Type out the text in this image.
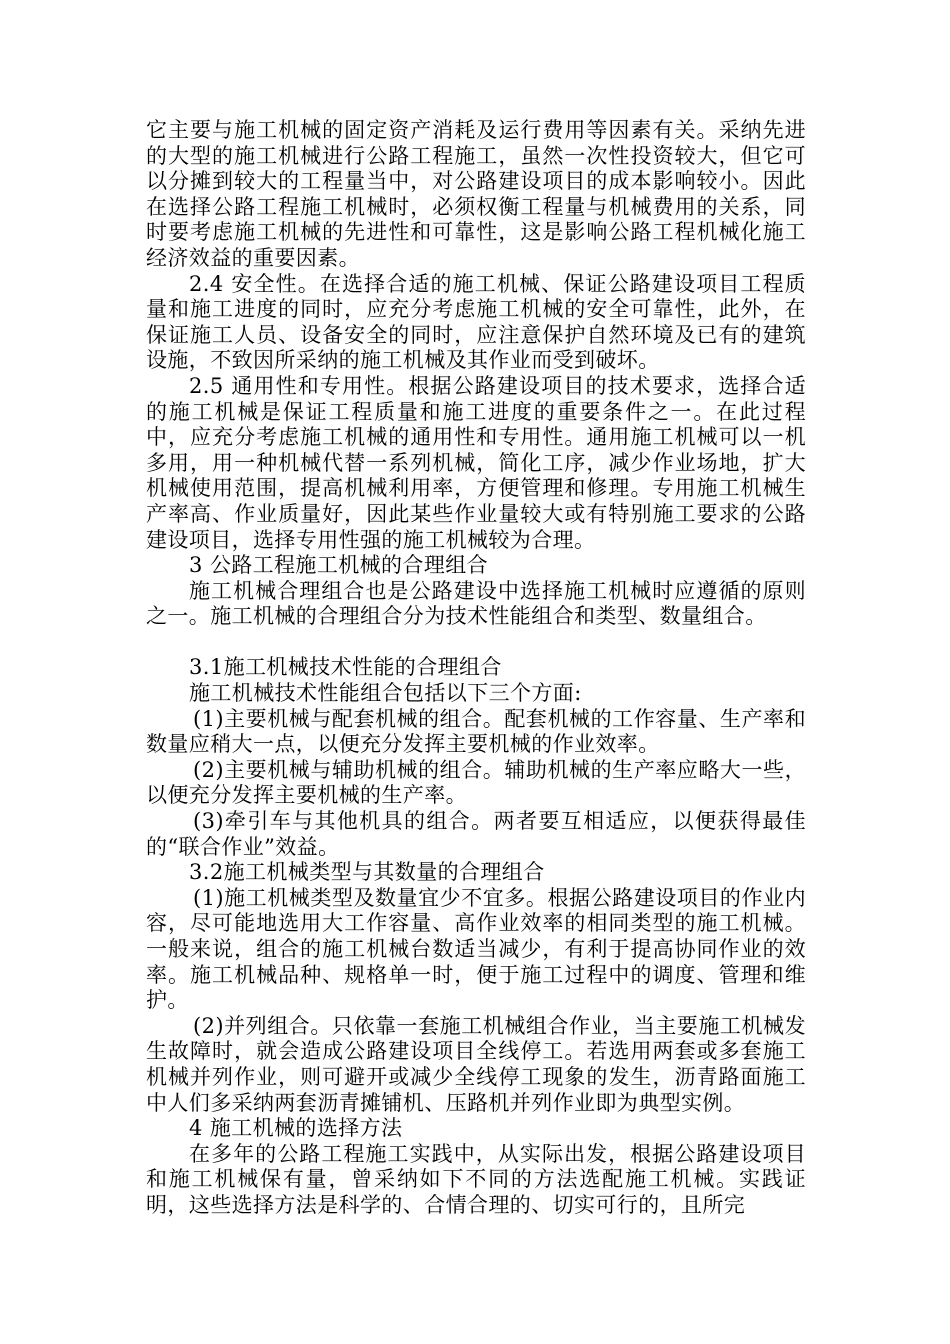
它主要与施工机械的固定资产消耗及运行费用等因素有关。采纳先进的大型的施工机械进行公路工程施工，虽然一次性投资较大，但它可以分摊到较大的工程量当中，对公路建设项目的成本影响较小。因此在选择公路工程施工机械时，必须权衡工程量与机械费用的关系，同时要考虑施工机械的先进性和可靠性，这是影响公路工程机械化施工经济效益的重要因素。

2.4 安全性。在选择合适的施工机械、保证公路建设项目工程质量和施工进度的同时，应充分考虑施工机械的安全可靠性，此外，在保证施工人员、设备安全的同时，应注意保护自然环境及已有的建筑设施，不致因所采纳的施工机械及其作业而受到破坏。

2.5 通用性和专用性。根据公路建设项目的技术要求，选择合适的施工机械是保证工程质量和施工进度的重要条件之一。在此过程中，应充分考虑施工机械的通用性和专用性。通用施工机械可以一机多用，用一种机械代替一系列机械，简化工序，减少作业场地，扩大机械使用范围，提高机械利用率，方便管理和修理。专用施工机械生产率高、作业质量好，因此某些作业量较大或有特别施工要求的公路建设项目，选择专用性强的施工机械较为合理。

3 公路工程施工机械的合理组合

施工机械合理组合也是公路建设中选择施工机械时应遵循的原则之一。施工机械的合理组合分为技术性能组合和类型、数量组合。

3.1施工机械技术性能的合理组合

施工机械技术性能组合包括以下三个方面:

(1)主要机械与配套机械的组合。配套机械的工作容量、生产率和数量应稍大一点，以便充分发挥主要机械的作业效率。

(2)主要机械与辅助机械的组合。辅助机械的生产率应略大一些，以便充分发挥主要机械的生产率。

(3)牵引车与其他机具的组合。两者要互相适应，以便获得最佳的“联合作业”效益。

3.2施工机械类型与其数量的合理组合

(1)施工机械类型及数量宜少不宜多。根据公路建设项目的作业内容，尽可能地选用大工作容量、高作业效率的相同类型的施工机械。一般来说，组合的施工机械台数适当减少，有利于提高协同作业的效率。施工机械品种、规格单一时，便于施工过程中的调度、管理和维护。

(2)并列组合。只依靠一套施工机械组合作业，当主要施工机械发生故障时，就会造成公路建设项目全线停工。若选用两套或多套施工机械并列作业，则可避开或减少全线停工现象的发生，沥青路面施工中人们多采纳两套沥青摊铺机、压路机并列作业即为典型实例。

4 施工机械的选择方法

在多年的公路工程施工实践中，从实际出发，根据公路建设项目和施工机械保有量，曾采纳如下不同的方法选配施工机械。实践证明，这些选择方法是科学的、合情合理的、切实可行的，且所完
